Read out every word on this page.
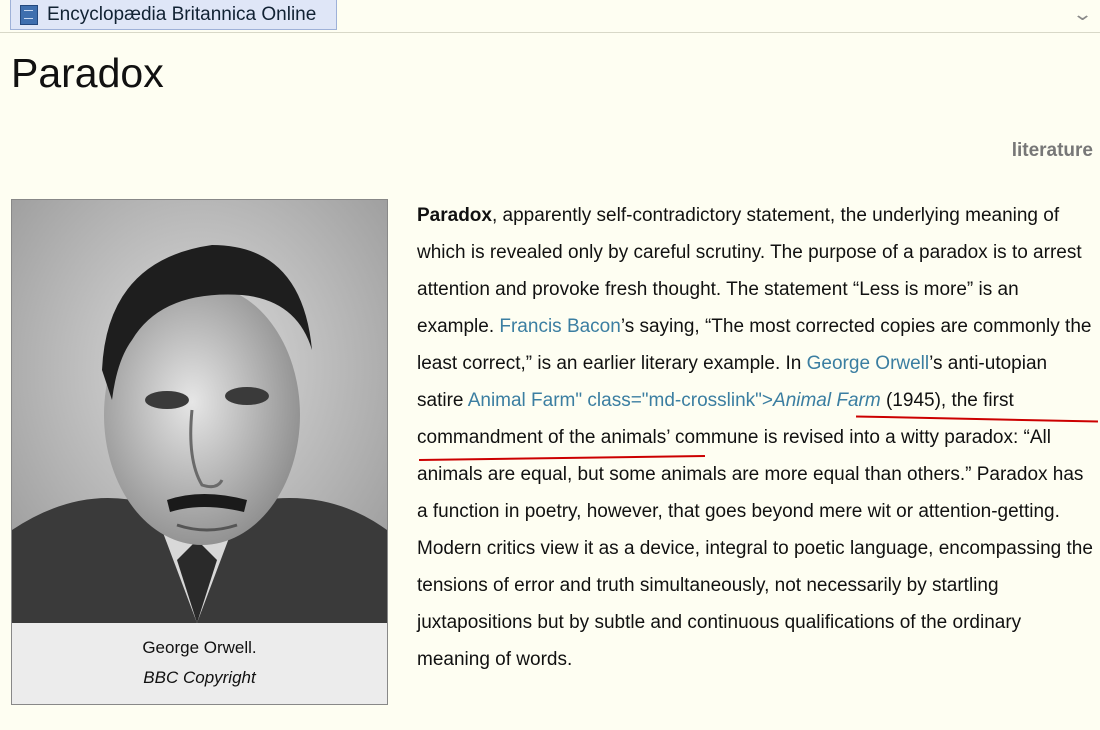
Encyclopædia Britannica Online	⌄
Paradox
literature
George Orwell.
BBC Copyright

Paradox, apparently self-contradictory statement, the underlying meaning of which is revealed only by careful scrutiny. The purpose of a paradox is to arrest attention and provoke fresh thought. The statement “Less is more” is an example. Francis Bacon’s saying, “The most corrected copies are commonly the least correct,” is an earlier literary example. In George Orwell’s anti-utopian satire Animal Farm" class="md-crosslink">Animal Farm (1945), the first commandment of the animals’ commune is revised into a witty paradox: “All animals are equal, but some animals are more equal than others.” Paradox has a function in poetry, however, that goes beyond mere wit or attention-getting. Modern critics view it as a device, integral to poetic language, encompassing the tensions of error and truth simultaneously, not necessarily by startling juxtapositions but by subtle and continuous qualifications of the ordinary meaning of words.
